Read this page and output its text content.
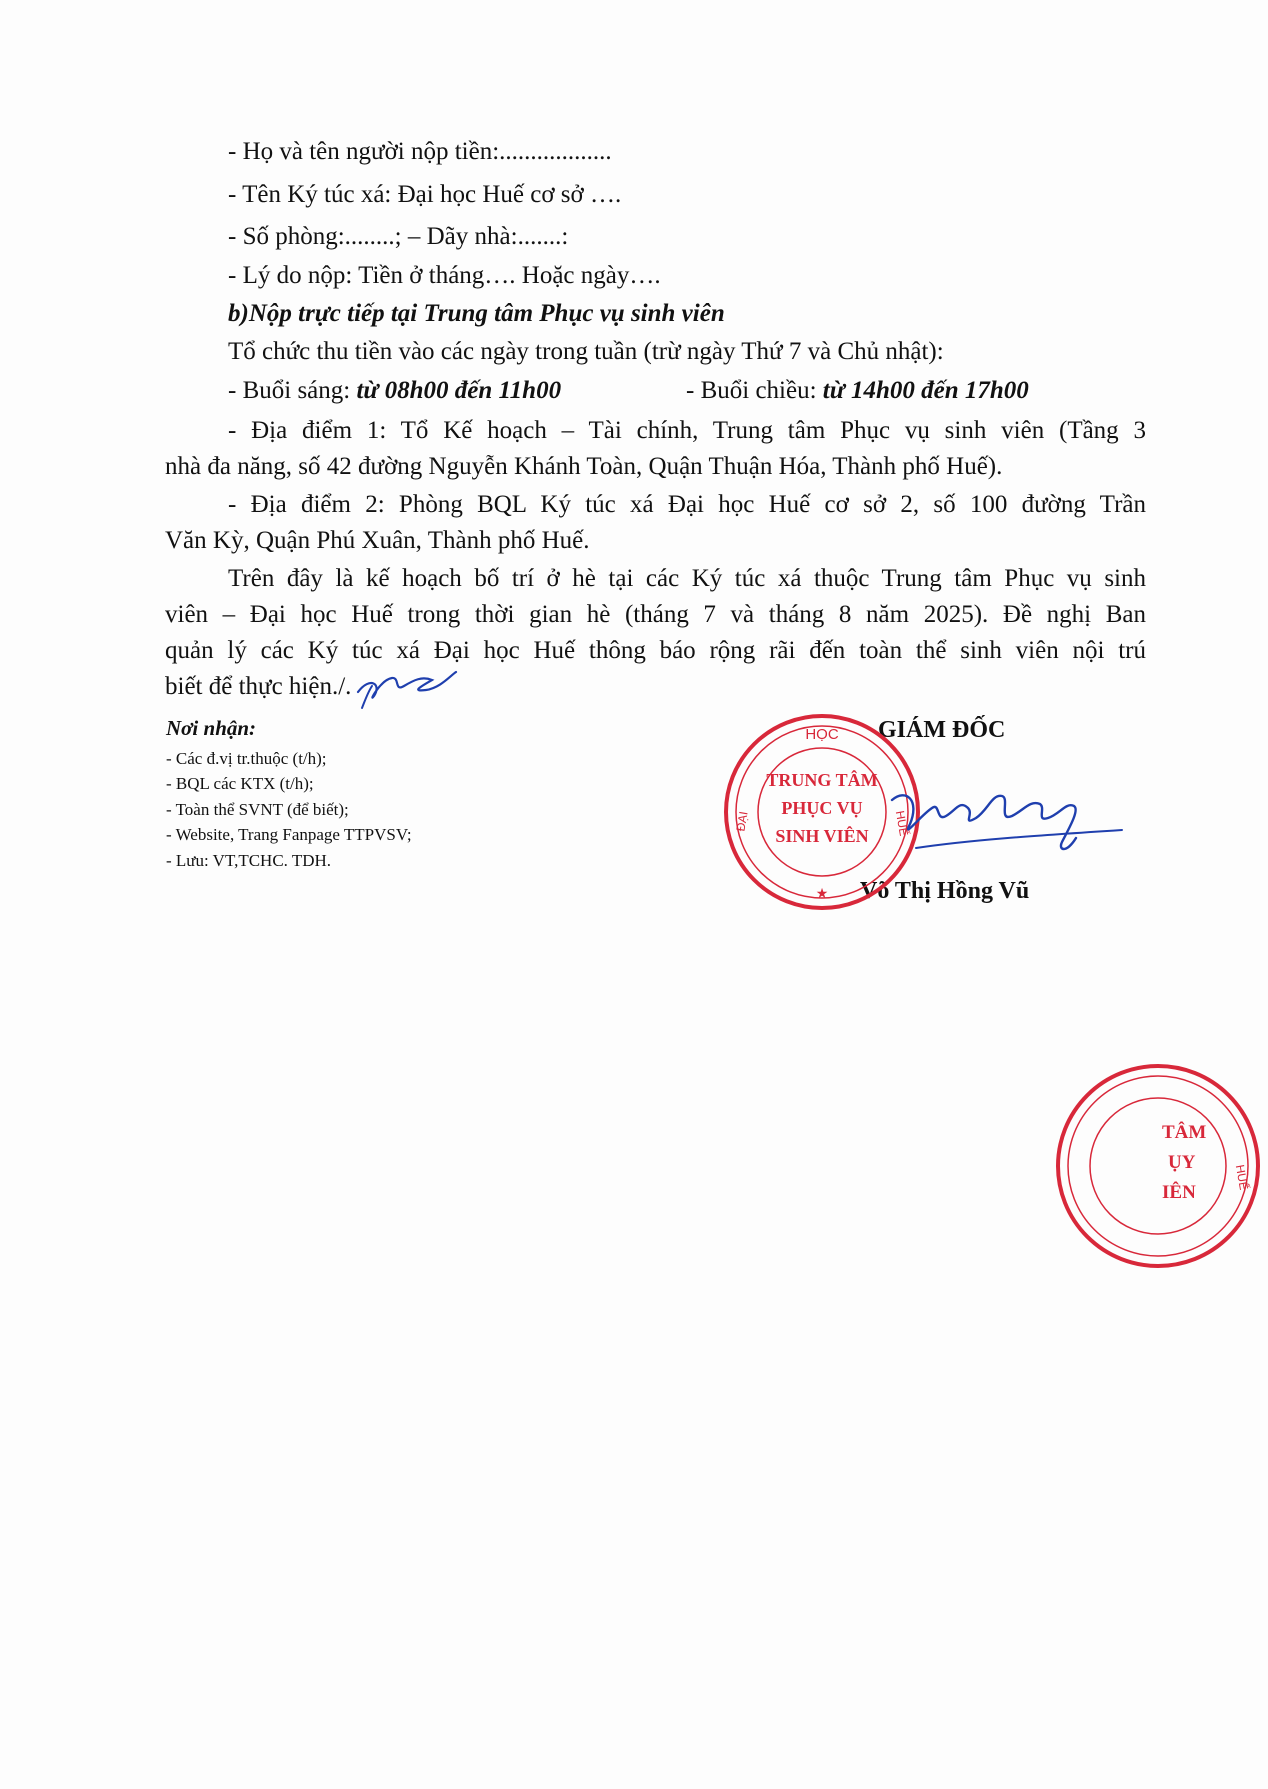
- Họ và tên người nộp tiền:..................
- Tên Ký túc xá: Đại học Huế cơ sở ….
- Số phòng:........; – Dãy nhà:.......:
- Lý do nộp: Tiền ở tháng…. Hoặc ngày….
b)Nộp trực tiếp tại Trung tâm Phục vụ sinh viên
Tổ chức thu tiền vào các ngày trong tuần (trừ ngày Thứ 7 và Chủ nhật):
- Buổi sáng: từ 08h00 đến 11h00	- Buổi chiều: từ 14h00 đến 17h00
- Địa điểm 1: Tổ Kế hoạch – Tài chính, Trung tâm Phục vụ sinh viên (Tầng 3
nhà đa năng, số 42 đường Nguyễn Khánh Toàn, Quận Thuận Hóa, Thành phố Huế).
- Địa điểm 2: Phòng BQL Ký túc xá Đại học Huế cơ sở 2, số 100 đường Trần
Văn Kỳ, Quận Phú Xuân, Thành phố Huế.
Trên đây là kế hoạch bố trí ở hè tại các Ký túc xá thuộc Trung tâm Phục vụ sinh
viên – Đại học Huế trong thời gian hè (tháng 7 và tháng 8 năm 2025). Đề nghị Ban
quản lý các Ký túc xá Đại học Huế thông báo rộng rãi đến toàn thể sinh viên nội trú
biết để thực hiện./.
Nơi nhận:
- Các đ.vị tr.thuộc (t/h);
- BQL các KTX (t/h);
- Toàn thể SVNT (để biết);
- Website, Trang Fanpage TTPVSV;
- Lưu: VT,TCHC. TDH.
GIÁM ĐỐC
Võ Thị Hồng Vũ
HỌC
TRUNG TÂM
PHỤC VỤ
SINH VIÊN
ĐẠI	HUẾ
★
TÂM
ỤY
IÊN
HUẾ
